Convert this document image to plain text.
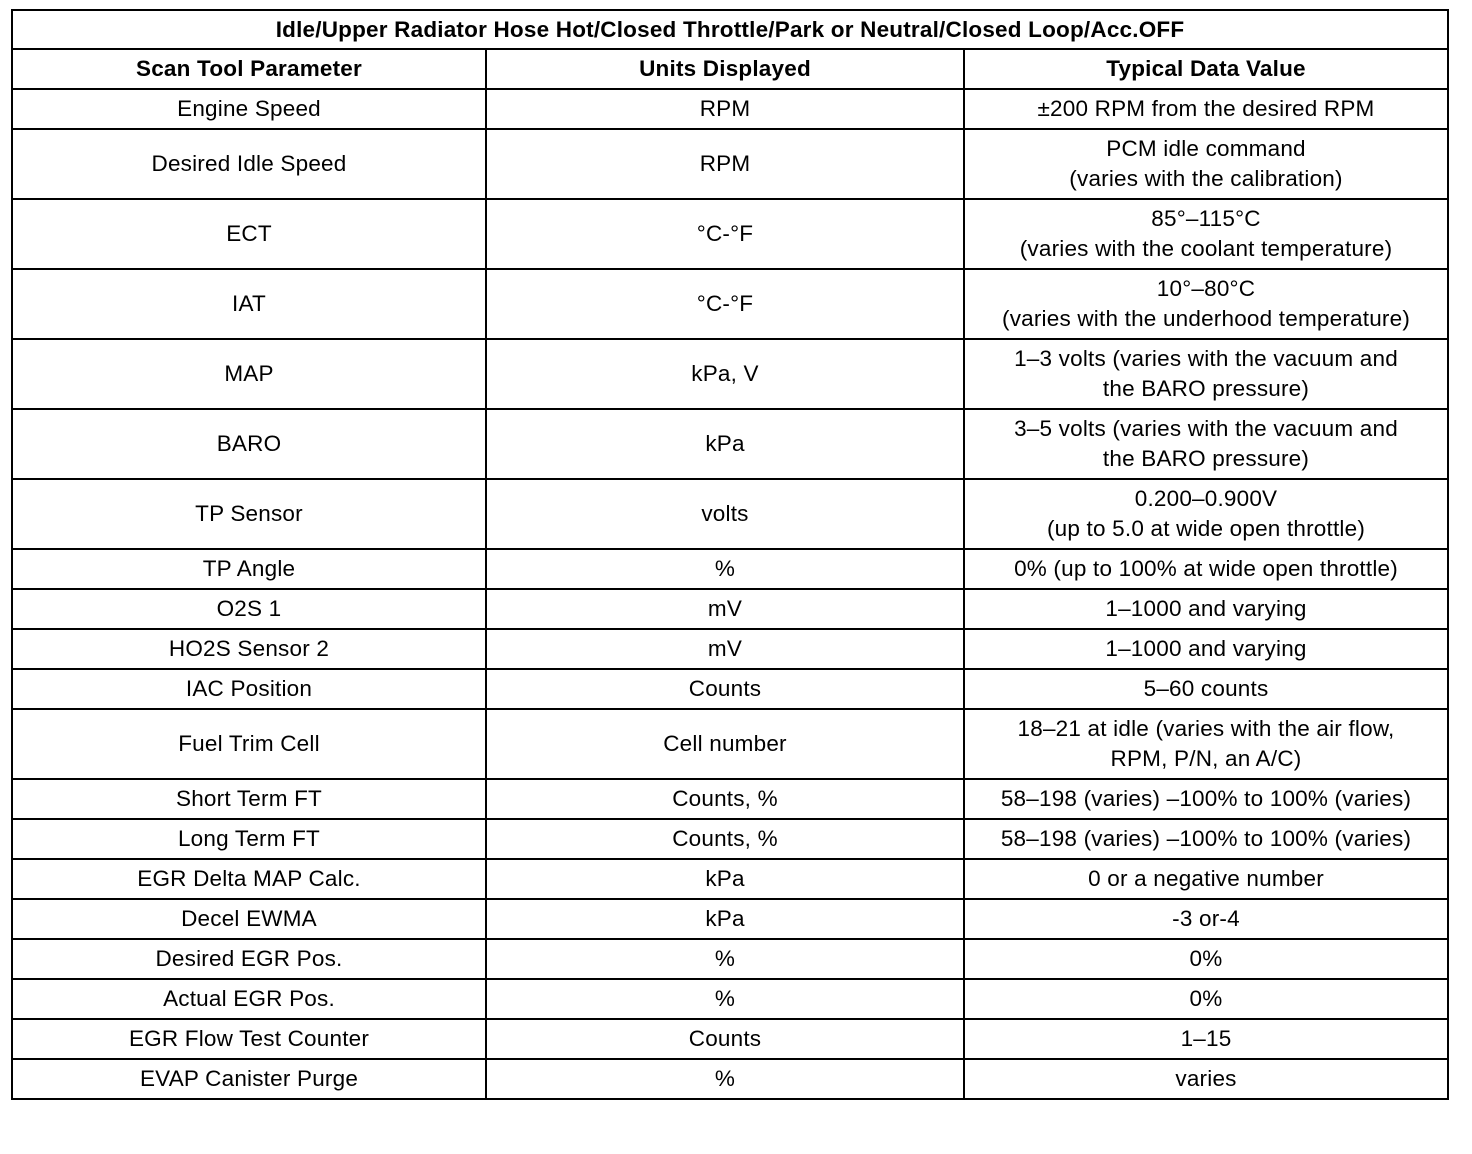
Idle/Upper Radiator Hose Hot/Closed Throttle/Park or Neutral/Closed Loop/Acc.OFF		
Scan Tool Parameter	Units Displayed	Typical Data Value
Engine Speed	RPM	±200 RPM from the desired RPM

Desired Idle Speed	RPM	PCM idle command
(varies with the calibration)

ECT	°C-°F	85°–115°C
(varies with the coolant temperature)

IAT	°C-°F	10°–80°C
(varies with the underhood temperature)

MAP	kPa, V	1–3 volts (varies with the vacuum and
the BARO pressure)

BARO	kPa	3–5 volts (varies with the vacuum and
the BARO pressure)

TP Sensor	volts	0.200–0.900V
(up to 5.0 at wide open throttle)

TP Angle	%	0% (up to 100% at wide open throttle)

O2S 1	mV	1–1000 and varying

HO2S Sensor 2	mV	1–1000 and varying

IAC Position	Counts	5–60 counts

Fuel Trim Cell	Cell number	18–21 at idle (varies with the air flow,
RPM, P/N, an A/C)

Short Term FT	Counts, %	58–198 (varies) –100% to 100% (varies)

Long Term FT	Counts, %	58–198 (varies) –100% to 100% (varies)

EGR Delta MAP Calc.	kPa	0 or a negative number

Decel EWMA	kPa	-3 or-4

Desired EGR Pos.	%	0%

Actual EGR Pos.	%	0%

EGR Flow Test Counter	Counts	1–15

EVAP Canister Purge	%	varies
